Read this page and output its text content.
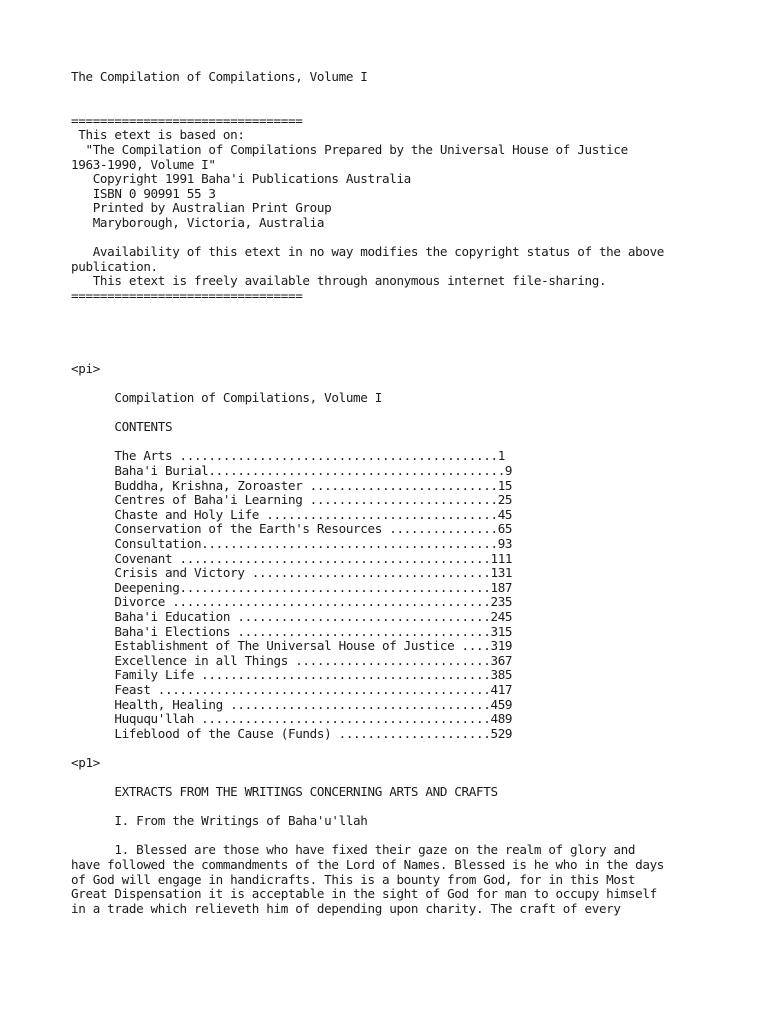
The Compilation of Compilations, Volume I
================================
This etext is based on:
"The Compilation of Compilations Prepared by the Universal House of Justice
1963-1990, Volume I"
Copyright 1991 Baha'i Publications Australia
ISBN 0 90991 55 3
Printed by Australian Print Group
Maryborough, Victoria, Australia
Availability of this etext in no way modifies the copyright status of the above
publication.
This etext is freely available through anonymous internet file-sharing.
================================
<pi>
Compilation of Compilations, Volume I
CONTENTS
The Arts ............................................1
Baha'i Burial.........................................9
Buddha, Krishna, Zoroaster ..........................15
Centres of Baha'i Learning ..........................25
Chaste and Holy Life ................................45
Conservation of the Earth's Resources ...............65
Consultation.........................................93
Covenant ...........................................111
Crisis and Victory .................................131
Deepening...........................................187
Divorce ............................................235
Baha'i Education ...................................245
Baha'i Elections ...................................315
Establishment of The Universal House of Justice ....319
Excellence in all Things ...........................367
Family Life ........................................385
Feast ..............................................417
Health, Healing ....................................459
Huququ'llah ........................................489
Lifeblood of the Cause (Funds) .....................529
<p1>
EXTRACTS FROM THE WRITINGS CONCERNING ARTS AND CRAFTS
I. From the Writings of Baha'u'llah
1. Blessed are those who have fixed their gaze on the realm of glory and
have followed the commandments of the Lord of Names. Blessed is he who in the days
of God will engage in handicrafts. This is a bounty from God, for in this Most
Great Dispensation it is acceptable in the sight of God for man to occupy himself
in a trade which relieveth him of depending upon charity. The craft of every
